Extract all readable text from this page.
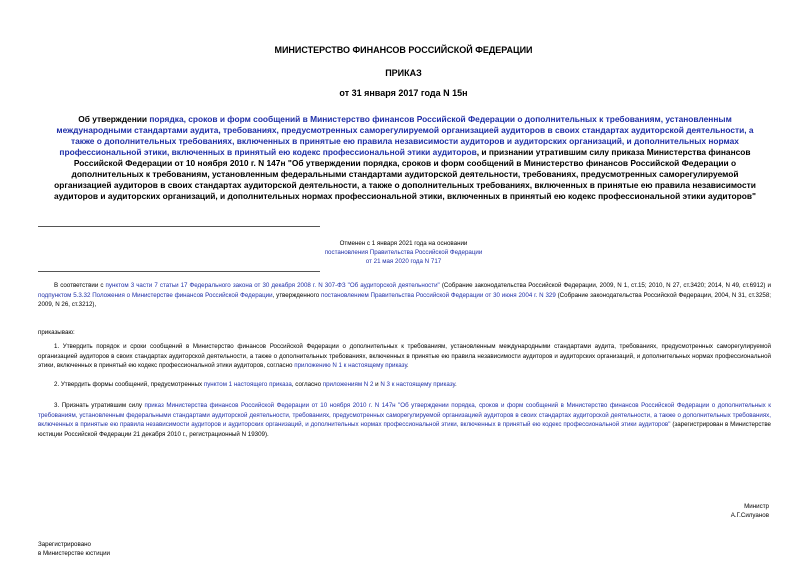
МИНИСТЕРСТВО ФИНАНСОВ РОССИЙСКОЙ ФЕДЕРАЦИИ
ПРИКАЗ
от 31 января 2017 года N 15н
Об утверждении порядка, сроков и форм сообщений в Министерство финансов Российской Федерации о дополнительных к требованиям, установленным международными стандартами аудита, требованиях, предусмотренных саморегулируемой организацией аудиторов в своих стандартах аудиторской деятельности, а также о дополнительных требованиях, включенных в принятые ею правила независимости аудиторов и аудиторских организаций, и дополнительных нормах профессиональной этики, включенных в принятый ею кодекс профессиональной этики аудиторов, и признании утратившим силу приказа Министерства финансов Российской Федерации от 10 ноября 2010 г. N 147н "Об утверждении порядка, сроков и форм сообщений в Министерство финансов Российской Федерации о дополнительных к требованиям, установленным федеральными стандартами аудиторской деятельности, требованиях, предусмотренных саморегулируемой организацией аудиторов в своих стандартах аудиторской деятельности, а также о дополнительных требованиях, включенных в принятые ею правила независимости аудиторов и аудиторских организаций, и дополнительных нормах профессиональной этики, включенных в принятый ею кодекс профессиональной этики аудиторов"
Отменен с 1 января 2021 года на основании
постановления Правительства Российской Федерации
от 21 мая 2020 года N 717
В соответствии с пунктом 3 части 7 статьи 17 Федерального закона от 30 декабря 2008 г. N 307-ФЗ "Об аудиторской деятельности" (Собрание законодательства Российской Федерации, 2009, N 1, ст.15; 2010, N 27, ст.3420; 2014, N 49, ст.6912) и подпунктом 5.3.32 Положения о Министерстве финансов Российской Федерации, утвержденного постановлением Правительства Российской Федерации от 30 июня 2004 г. N 329 (Собрание законодательства Российской Федерации, 2004, N 31, ст.3258; 2009, N 26, ст.3212),
приказываю:
1. Утвердить порядок и сроки сообщений в Министерство финансов Российской Федерации о дополнительных к требованиям, установленным международными стандартами аудита, требованиях, предусмотренных саморегулируемой организацией аудиторов в своих стандартах аудиторской деятельности, а также о дополнительных требованиях, включенных в принятые ею правила независимости аудиторов и аудиторских организаций, и дополнительных нормах профессиональной этики, включенных в принятый ею кодекс профессиональной этики аудиторов, согласно приложению N 1 к настоящему приказу.
2. Утвердить формы сообщений, предусмотренных пунктом 1 настоящего приказа, согласно приложениям N 2 и N 3 к настоящему приказу.
3. Признать утратившим силу приказ Министерства финансов Российской Федерации от 10 ноября 2010 г. N 147н "Об утверждении порядка, сроков и форм сообщений в Министерство финансов Российской Федерации о дополнительных к требованиям, установленным федеральными стандартами аудиторской деятельности, требованиях, предусмотренных саморегулируемой организацией аудиторов в своих стандартах аудиторской деятельности, а также о дополнительных требованиях, включенных в принятые ею правила независимости аудиторов и аудиторских организаций, и дополнительных нормах профессиональной этики, включенных в принятый ею кодекс профессиональной этики аудиторов" (зарегистрирован в Министерстве юстиции Российской Федерации 21 декабря 2010 г., регистрационный N 19309).
Министр
А.Г.Силуанов
Зарегистрировано
в Министерстве юстиции
